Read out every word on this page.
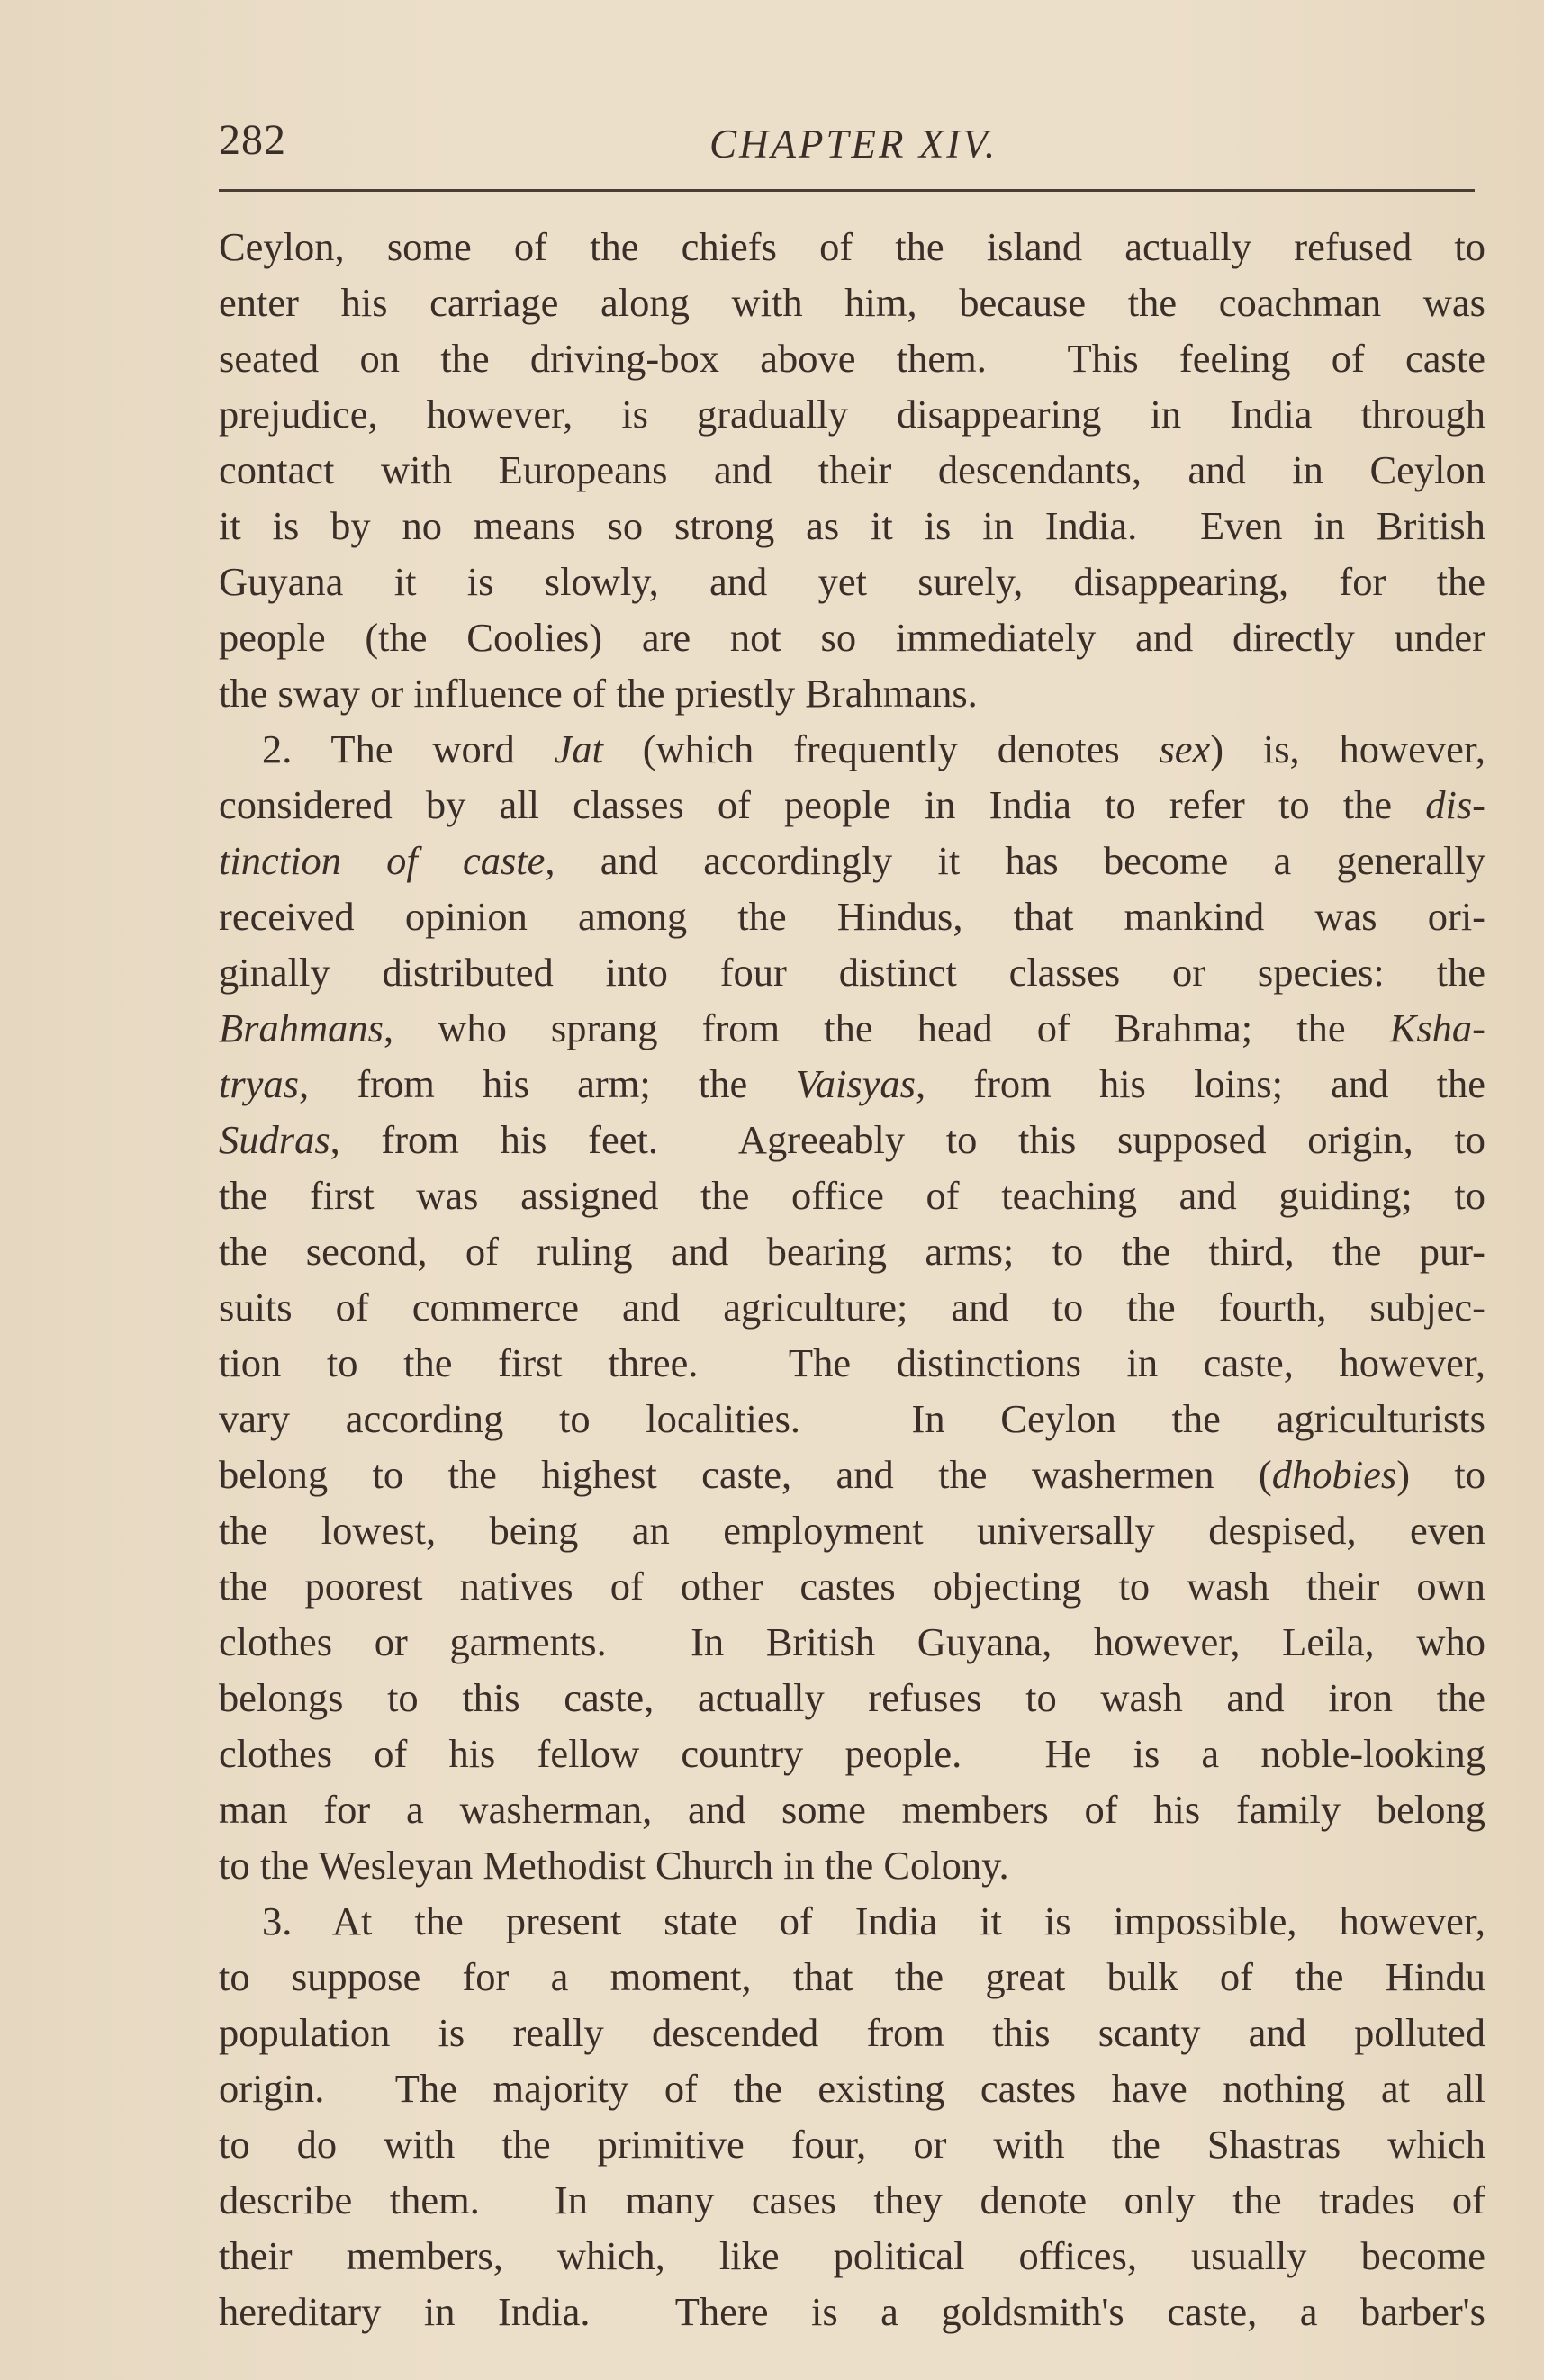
282	CHAPTER XIV.
Ceylon, some of the chiefs of the island actually refused to
enter his carriage along with him, because the coachman was
seated on the driving-box above them.  This feeling of caste
prejudice, however, is gradually disappearing in India through
contact with Europeans and their descendants, and in Ceylon
it is by no means so strong as it is in India.  Even in British
Guyana it is slowly, and yet surely, disappearing, for the
people (the Coolies) are not so immediately and directly under
the sway or influence of the priestly Brahmans.
2. The word Jat (which frequently denotes sex) is, however,
considered by all classes of people in India to refer to the dis-
tinction of caste, and accordingly it has become a generally
received opinion among the Hindus, that mankind was ori-
ginally distributed into four distinct classes or species: the
Brahmans, who sprang from the head of Brahma; the Ksha-
tryas, from his arm; the Vaisyas, from his loins; and the
Sudras, from his feet.  Agreeably to this supposed origin, to
the first was assigned the office of teaching and guiding; to
the second, of ruling and bearing arms; to the third, the pur-
suits of commerce and agriculture; and to the fourth, subjec-
tion to the first three.  The distinctions in caste, however,
vary according to localities.  In Ceylon the agriculturists
belong to the highest caste, and the washermen (dhobies) to
the lowest, being an employment universally despised, even
the poorest natives of other castes objecting to wash their own
clothes or garments.  In British Guyana, however, Leila, who
belongs to this caste, actually refuses to wash and iron the
clothes of his fellow country people.  He is a noble-looking
man for a washerman, and some members of his family belong
to the Wesleyan Methodist Church in the Colony.
3. At the present state of India it is impossible, however,
to suppose for a moment, that the great bulk of the Hindu
population is really descended from this scanty and polluted
origin.  The majority of the existing castes have nothing at all
to do with the primitive four, or with the Shastras which
describe them.  In many cases they denote only the trades of
their members, which, like political offices, usually become
hereditary in India.  There is a goldsmith's caste, a barber's
